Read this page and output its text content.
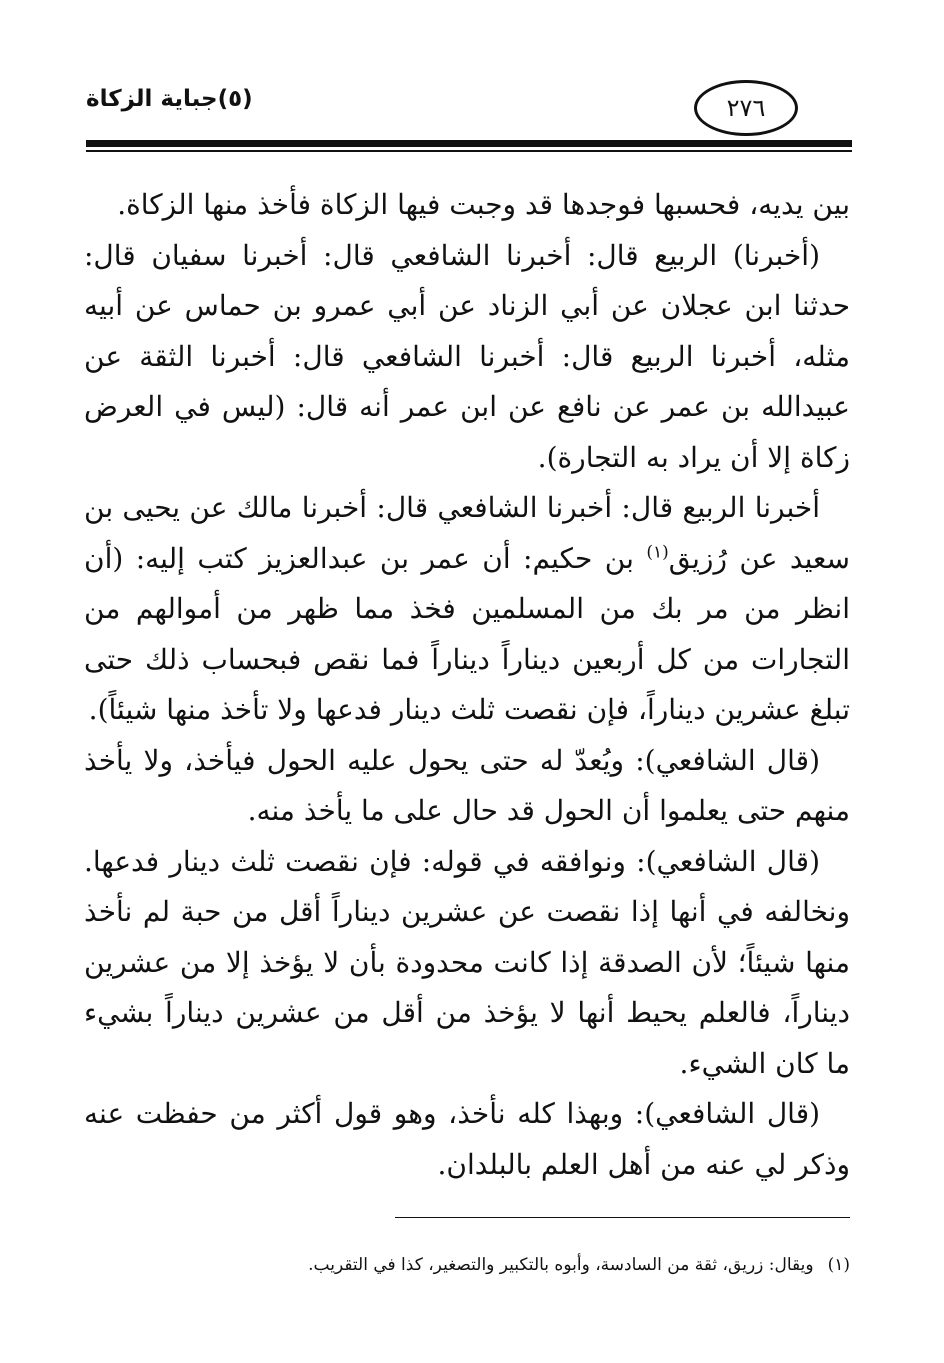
(٥)جباية الزكاة	٢٧٦

بين يديه، فحسبها فوجدها قد وجبت فيها الزكاة فأخذ منها الزكاة.

(أخبرنا) الربيع قال: أخبرنا الشافعي قال: أخبرنا سفيان قال: حدثنا ابن عجلان عن أبي الزناد عن أبي عمرو بن حماس عن أبيه مثله، أخبرنا الربيع قال: أخبرنا الشافعي قال: أخبرنا الثقة عن عبيدالله بن عمر عن نافع عن ابن عمر أنه قال: (ليس في العرض زكاة إلا أن يراد به التجارة).

أخبرنا الربيع قال: أخبرنا الشافعي قال: أخبرنا مالك عن يحيى بن سعيد عن رُزيق$^{(١)}$ بن حكيم: أن عمر بن عبدالعزيز كتب إليه: (أن انظر من مر بك من المسلمين فخذ مما ظهر من أموالهم من التجارات من كل أربعين ديناراً ديناراً فما نقص فبحساب ذلك حتى تبلغ عشرين ديناراً، فإن نقصت ثلث دينار فدعها ولا تأخذ منها شيئاً).

(قال الشافعي): ويُعدّ له حتى يحول عليه الحول فيأخذ، ولا يأخذ منهم حتى يعلموا أن الحول قد حال على ما يأخذ منه.

(قال الشافعي): ونوافقه في قوله: فإن نقصت ثلث دينار فدعها. ونخالفه في أنها إذا نقصت عن عشرين ديناراً أقل من حبة لم نأخذ منها شيئاً؛ لأن الصدقة إذا كانت محدودة بأن لا يؤخذ إلا من عشرين ديناراً، فالعلم يحيط أنها لا يؤخذ من أقل من عشرين ديناراً بشيء ما كان الشيء.

(قال الشافعي): وبهذا كله نأخذ، وهو قول أكثر من حفظت عنه وذكر لي عنه من أهل العلم بالبلدان.

(١)ويقال: زريق، ثقة من السادسة، وأبوه بالتكبير والتصغير، كذا في التقريب.
